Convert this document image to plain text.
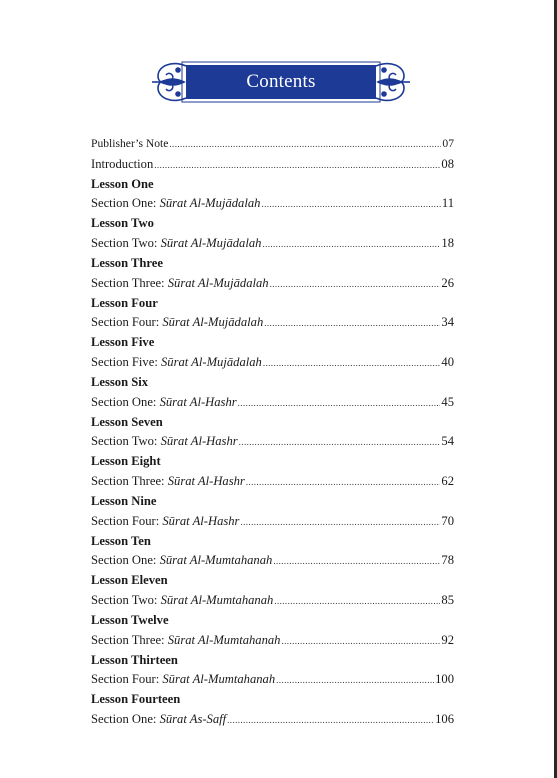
Contents
Publisher’s Note .....	07
Introduction .....	08
Lesson One
Section One: Sūrat Al-Mujādalah .....	11
Lesson Two
Section Two: Sūrat Al-Mujādalah .....	18
Lesson Three
Section Three: Sūrat Al-Mujādalah .....	26
Lesson Four
Section Four: Sūrat Al-Mujādalah .....	34
Lesson Five
Section Five: Sūrat Al-Mujādalah .....	40
Lesson Six
Section One: Sūrat Al-Hashr .....	45
Lesson Seven
Section Two: Sūrat Al-Hashr .....	54
Lesson Eight
Section Three: Sūrat Al-Hashr .....	62
Lesson Nine
Section Four: Sūrat Al-Hashr .....	70
Lesson Ten
Section One: Sūrat Al-Mumtahanah .....	78
Lesson Eleven
Section Two: Sūrat Al-Mumtahanah .....	85
Lesson Twelve
Section Three: Sūrat Al-Mumtahanah .....	92
Lesson Thirteen
Section Four: Sūrat Al-Mumtahanah .....	100
Lesson Fourteen
Section One: Sūrat As-Saff .....	106
